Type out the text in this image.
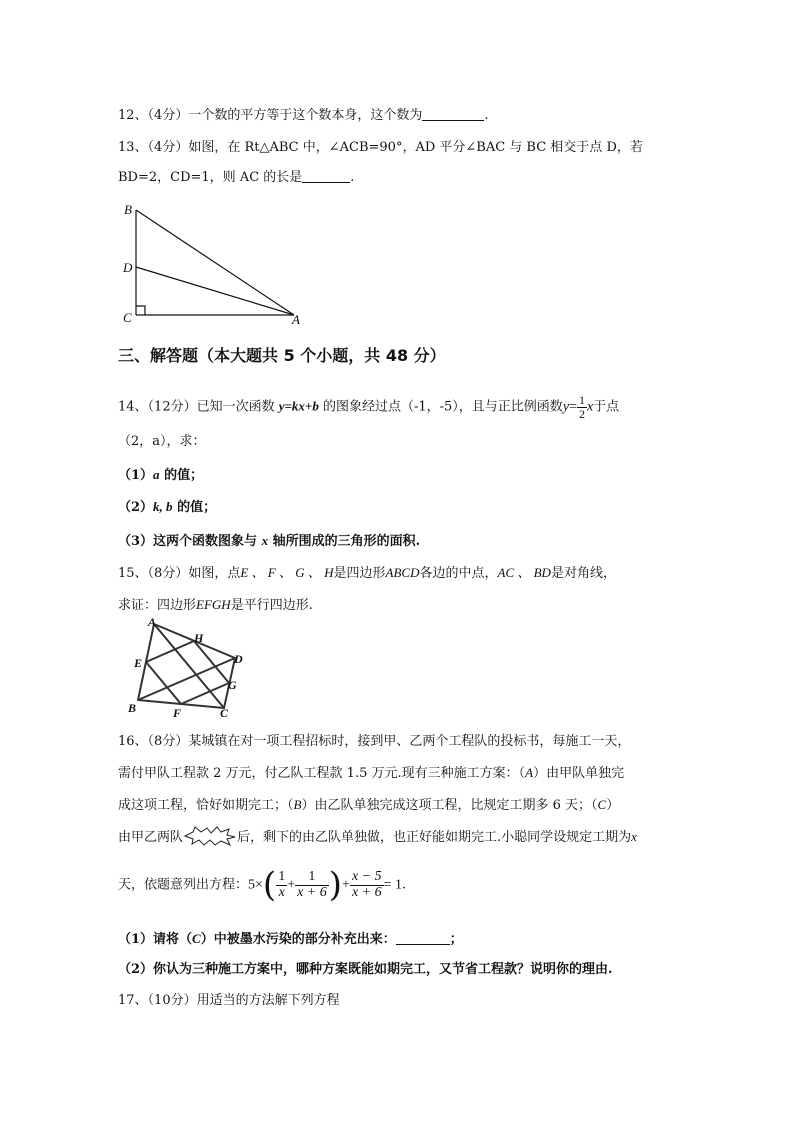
12、（4分）一个数的平方等于这个数本身，这个数为	.
13、（4分）如图，在 Rt△ABC 中，∠ACB=90°，AD 平分∠BAC 与 BC 相交于点 D，若
BD=2，CD=1，则 AC 的长是	.
B
D
C	A
三、解答题（本大题共 5 个小题，共 48 分）
14、（12分）已知一次函数 y=kx+b 的图象经过点（-1，-5），且与正比例函数$y= \frac{1}{2}$ x于点
（2，a），求：
（1）a 的值；
（2）k, b 的值；
（3）这两个函数图象与 x 轴所围成的三角形的面积.
15、（8分）如图，点E 、 F 、 G 、 H是四边形ABCD各边的中点，AC 、 BD是对角线，
求证：四边形EFGH是平行四边形.
A
H
E	D
G
B	F	C
16、（8分）某城镇在对一项工程招标时，接到甲、乙两个工程队的投标书，每施工一天，
需付甲队工程款 2 万元，付乙队工程款 1.5 万元.现有三种施工方案：（A）由甲队单独完
成这项工程，恰好如期完工；（B）由乙队单独完成这项工程，比规定工期多 6 天；（C）
由甲乙两队	后，剩下的由乙队单独做，也正好能如期完工.小聪同学设规定工期为x
天，依题意列出方程：$5\times( \frac{1}{x} + \frac{1}{x + 6}$ )+ $\frac{x - 5}{x + 6} = 1$.
（1）请将（C）中被墨水污染的部分补充出来：	；
（2）你认为三种施工方案中，哪种方案既能如期完工，又节省工程款？说明你的理由.
17、（10分）用适当的方法解下列方程
